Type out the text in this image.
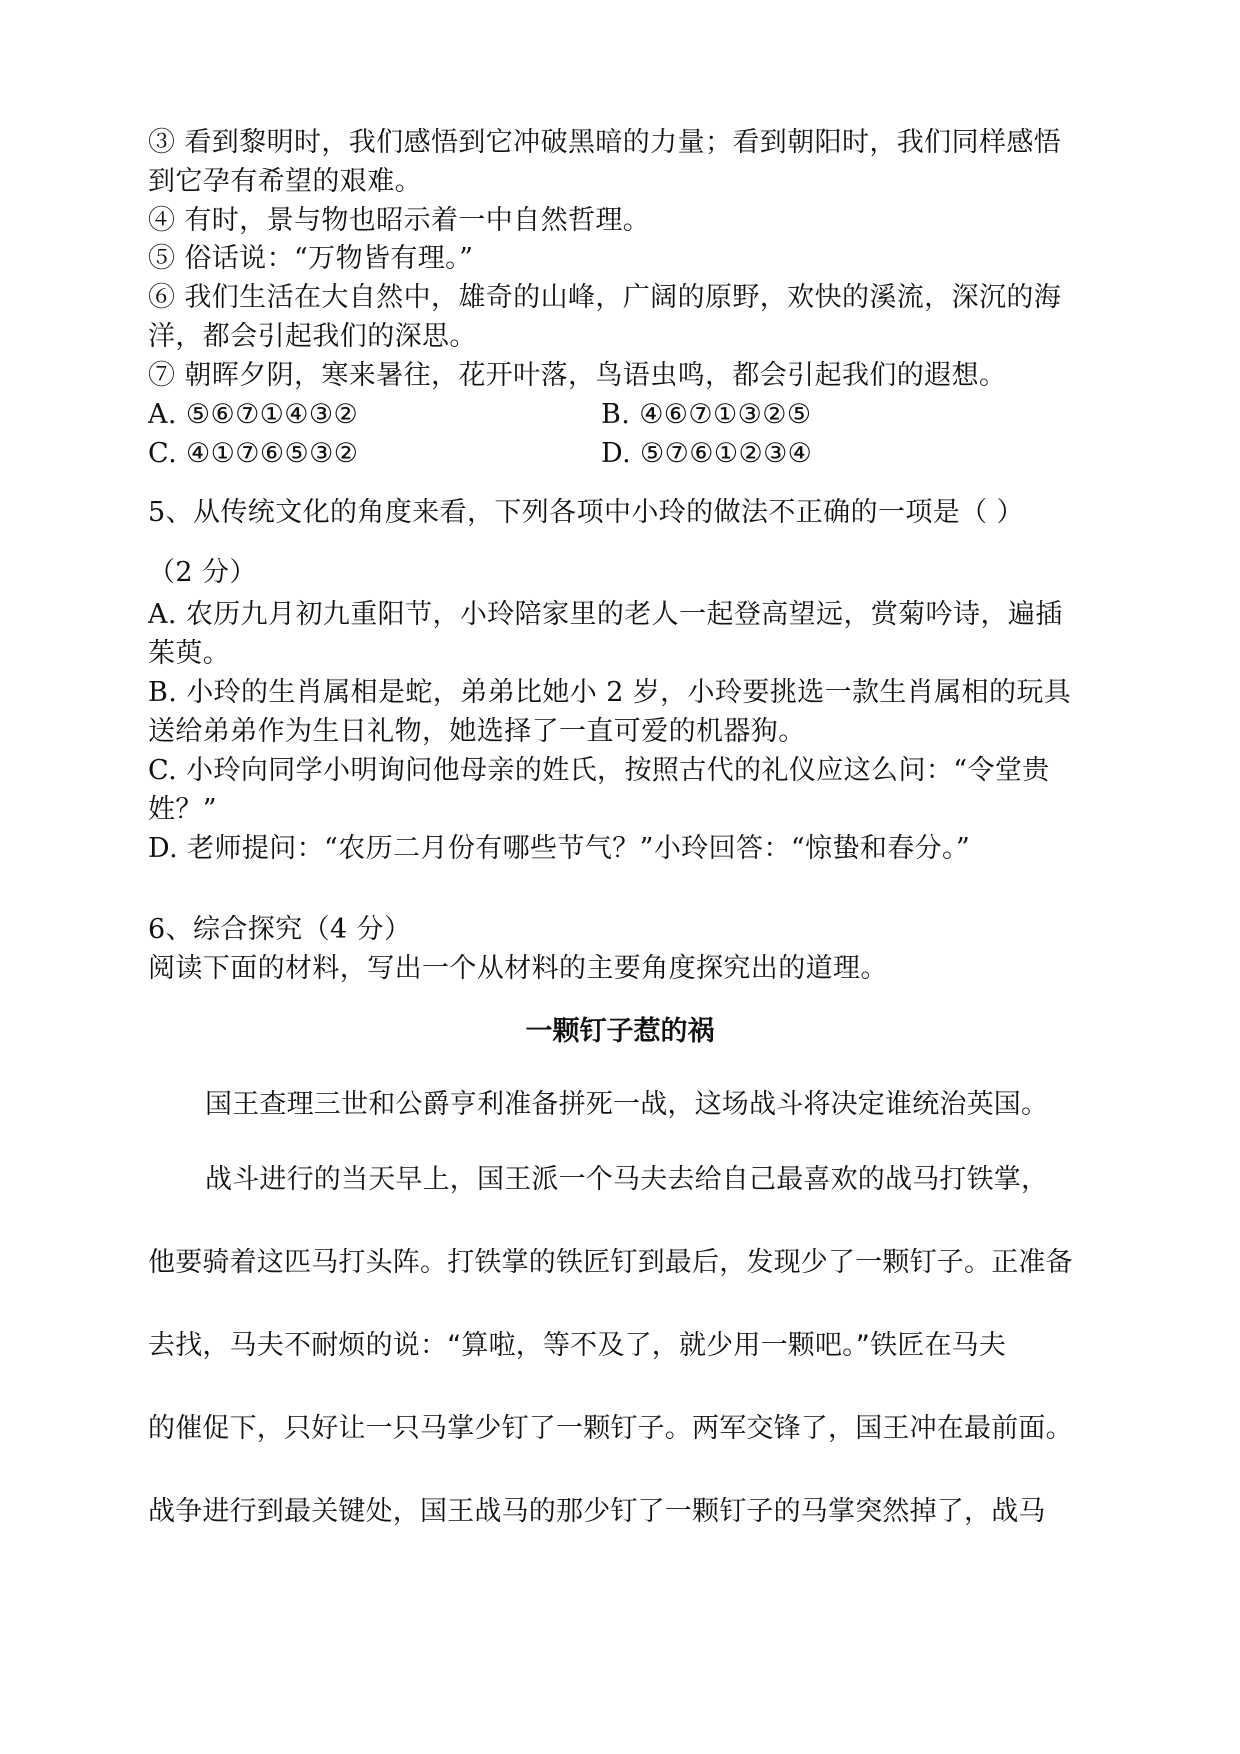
③ 看到黎明时，我们感悟到它冲破黑暗的力量；看到朝阳时，我们同样感悟
到它孕有希望的艰难。
④ 有时，景与物也昭示着一中自然哲理。
⑤ 俗话说：“万物皆有理。”
⑥ 我们生活在大自然中，雄奇的山峰，广阔的原野，欢快的溪流，深沉的海
洋，都会引起我们的深思。
⑦ 朝晖夕阴，寒来暑往，花开叶落，鸟语虫鸣，都会引起我们的遐想。
A. ⑤⑥⑦①④③②	B. ④⑥⑦①③②⑤
C. ④①⑦⑥⑤③②	D. ⑤⑦⑥①②③④
5、从传统文化的角度来看，下列各项中小玲的做法不正确的一项是（ ）
（2 分）
A. 农历九月初九重阳节，小玲陪家里的老人一起登高望远，赏菊吟诗，遍插
茱萸。
B. 小玲的生肖属相是蛇，弟弟比她小 2 岁，小玲要挑选一款生肖属相的玩具
送给弟弟作为生日礼物，她选择了一直可爱的机器狗。
C. 小玲向同学小明询问他母亲的姓氏，按照古代的礼仪应这么问：“令堂贵
姓？”
D. 老师提问：“农历二月份有哪些节气？”小玲回答：“惊蛰和春分。”
6、综合探究（4 分）
阅读下面的材料，写出一个从材料的主要角度探究出的道理。
一颗钉子惹的祸
国王查理三世和公爵亨利准备拼死一战，这场战斗将决定谁统治英国。
战斗进行的当天早上，国王派一个马夫去给自己最喜欢的战马打铁掌，
他要骑着这匹马打头阵。打铁掌的铁匠钉到最后，发现少了一颗钉子。正准备
去找，马夫不耐烦的说：“算啦，等不及了，就少用一颗吧。”铁匠在马夫
的催促下，只好让一只马掌少钉了一颗钉子。两军交锋了，国王冲在最前面。
战争进行到最关键处，国王战马的那少钉了一颗钉子的马掌突然掉了，战马
